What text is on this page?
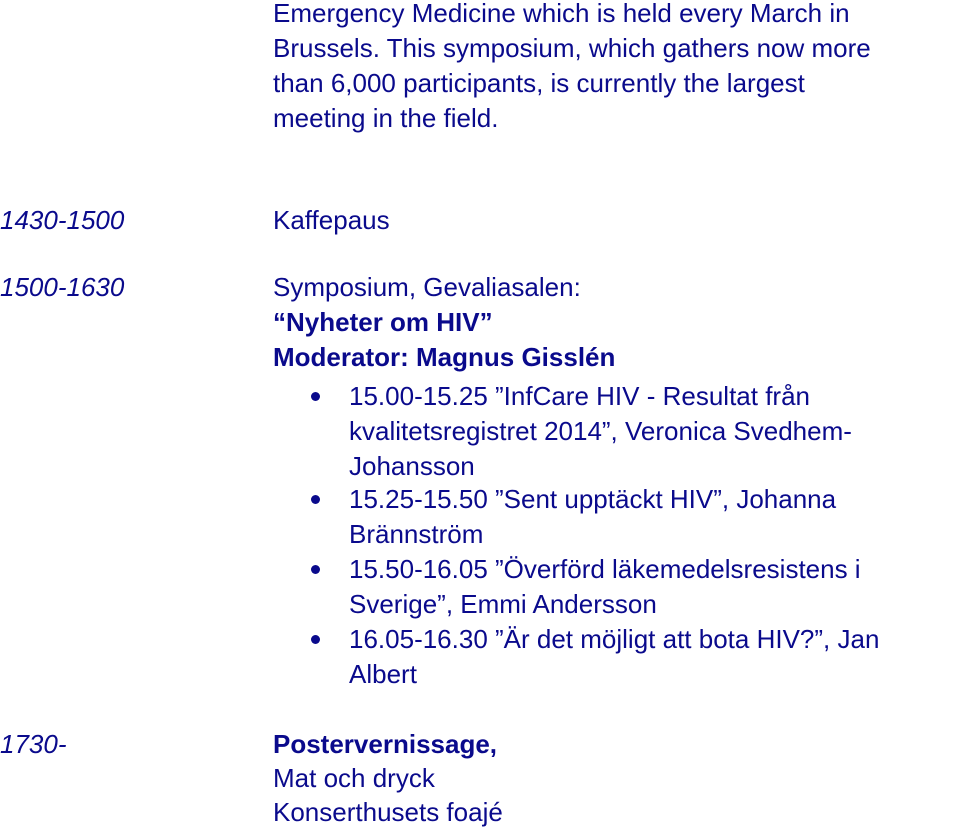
Emergency Medicine which is held every March in
Brussels. This symposium, which gathers now more
than 6,000 participants, is currently the largest
meeting in the field.
1430-1500	Kaffepaus
1500-1630	Symposium, Gevaliasalen:
“Nyheter om HIV”
Moderator: Magnus Gisslén
15.00-15.25 ”InfCare HIV - Resultat från
kvalitetsregistret 2014”, Veronica Svedhem-
Johansson
15.25-15.50 ”Sent upptäckt HIV”, Johanna
Brännström
15.50-16.05 ”Överförd läkemedelsresistens i
Sverige”, Emmi Andersson
16.05-16.30 ”Är det möjligt att bota HIV?”, Jan
Albert
1730-	Postervernissage,
Mat och dryck
Konserthusets foajé
